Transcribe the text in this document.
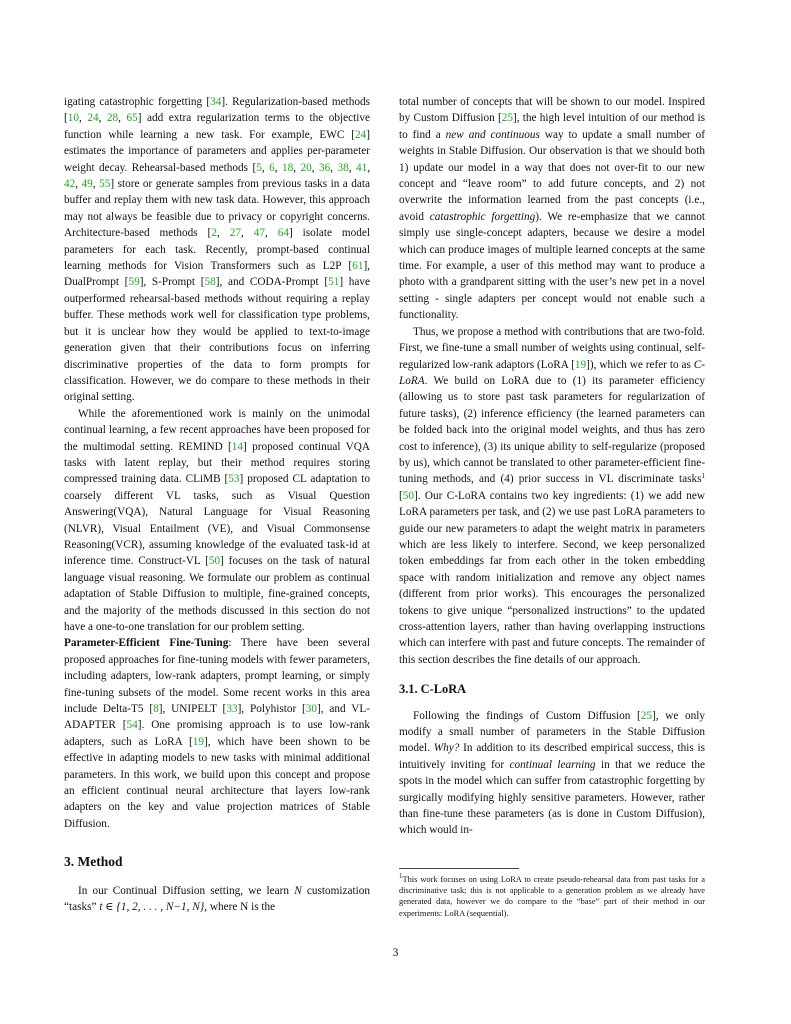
igating catastrophic forgetting [34]. Regularization-based methods [10, 24, 28, 65] add extra regularization terms to the objective function while learning a new task. For example, EWC [24] estimates the importance of parameters and applies per-parameter weight decay. Rehearsal-based methods [5, 6, 18, 20, 36, 38, 41, 42, 49, 55] store or generate samples from previous tasks in a data buffer and replay them with new task data. However, this approach may not always be feasible due to privacy or copyright concerns. Architecture-based methods [2, 27, 47, 64] isolate model parameters for each task. Recently, prompt-based continual learning methods for Vision Transformers such as L2P [61], DualPrompt [59], S-Prompt [58], and CODA-Prompt [51] have outperformed rehearsal-based methods without requiring a replay buffer. These methods work well for classification type problems, but it is unclear how they would be applied to text-to-image generation given that their contributions focus on inferring discriminative properties of the data to form prompts for classification. However, we do compare to these methods in their original setting.

While the aforementioned work is mainly on the unimodal continual learning, a few recent approaches have been proposed for the multimodal setting. REMIND [14] proposed continual VQA tasks with latent replay, but their method requires storing compressed training data. CLiMB [53] proposed CL adaptation to coarsely different VL tasks, such as Visual Question Answering(VQA), Natural Language for Visual Reasoning (NLVR), Visual Entailment (VE), and Visual Commonsense Reasoning(VCR), assuming knowledge of the evaluated task-id at inference time. Construct-VL [50] focuses on the task of natural language visual reasoning. We formulate our problem as continual adaptation of Stable Diffusion to multiple, fine-grained concepts, and the majority of the methods discussed in this section do not have a one-to-one translation for our problem setting.

Parameter-Efficient Fine-Tuning: There have been several proposed approaches for fine-tuning models with fewer parameters, including adapters, low-rank adapters, prompt learning, or simply fine-tuning subsets of the model. Some recent works in this area include Delta-T5 [8], UNIPELT [33], Polyhistor [30], and VL-ADAPTER [54]. One promising approach is to use low-rank adapters, such as LoRA [19], which have been shown to be effective in adapting models to new tasks with minimal additional parameters. In this work, we build upon this concept and propose an efficient continual neural architecture that layers low-rank adapters on the key and value projection matrices of Stable Diffusion.

3. Method

In our Continual Diffusion setting, we learn N customization “tasks” t ∈ {1, 2, . . . , N−1, N}, where N is the

total number of concepts that will be shown to our model. Inspired by Custom Diffusion [25], the high level intuition of our method is to find a new and continuous way to update a small number of weights in Stable Diffusion. Our observation is that we should both 1) update our model in a way that does not over-fit to our new concept and “leave room” to add future concepts, and 2) not overwrite the information learned from the past concepts (i.e., avoid catastrophic forgetting). We re-emphasize that we cannot simply use single-concept adapters, because we desire a model which can produce images of multiple learned concepts at the same time. For example, a user of this method may want to produce a photo with a grandparent sitting with the user’s new pet in a novel setting - single adapters per concept would not enable such a functionality.

Thus, we propose a method with contributions that are two-fold. First, we fine-tune a small number of weights using continual, self-regularized low-rank adaptors (LoRA [19]), which we refer to as C-LoRA. We build on LoRA due to (1) its parameter efficiency (allowing us to store past task parameters for regularization of future tasks), (2) inference efficiency (the learned parameters can be folded back into the original model weights, and thus has zero cost to inference), (3) its unique ability to self-regularize (proposed by us), which cannot be translated to other parameter-efficient fine-tuning methods, and (4) prior success in VL discriminate tasks$^1$ [50]. Our C-LoRA contains two key ingredients: (1) we add new LoRA parameters per task, and (2) we use past LoRA parameters to guide our new parameters to adapt the weight matrix in parameters which are less likely to interfere. Second, we keep personalized token embeddings far from each other in the token embedding space with random initialization and remove any object names (different from prior works). This encourages the personalized tokens to give unique “personalized instructions” to the updated cross-attention layers, rather than having overlapping instructions which can interfere with past and future concepts. The remainder of this section describes the fine details of our approach.

3.1. C-LoRA

Following the findings of Custom Diffusion [25], we only modify a small number of parameters in the Stable Diffusion model. Why? In addition to its described empirical success, this is intuitively inviting for continual learning in that we reduce the spots in the model which can suffer from catastrophic forgetting by surgically modifying highly sensitive parameters. However, rather than fine-tune these parameters (as is done in Custom Diffusion), which would in-

$^1$This work focuses on using LoRA to create pseudo-rehearsal data from past tasks for a discriminative task; this is not applicable to a generation problem as we already have generated data, however we do compare to the “base” part of their method in our experiments: LoRA (sequential).

3
